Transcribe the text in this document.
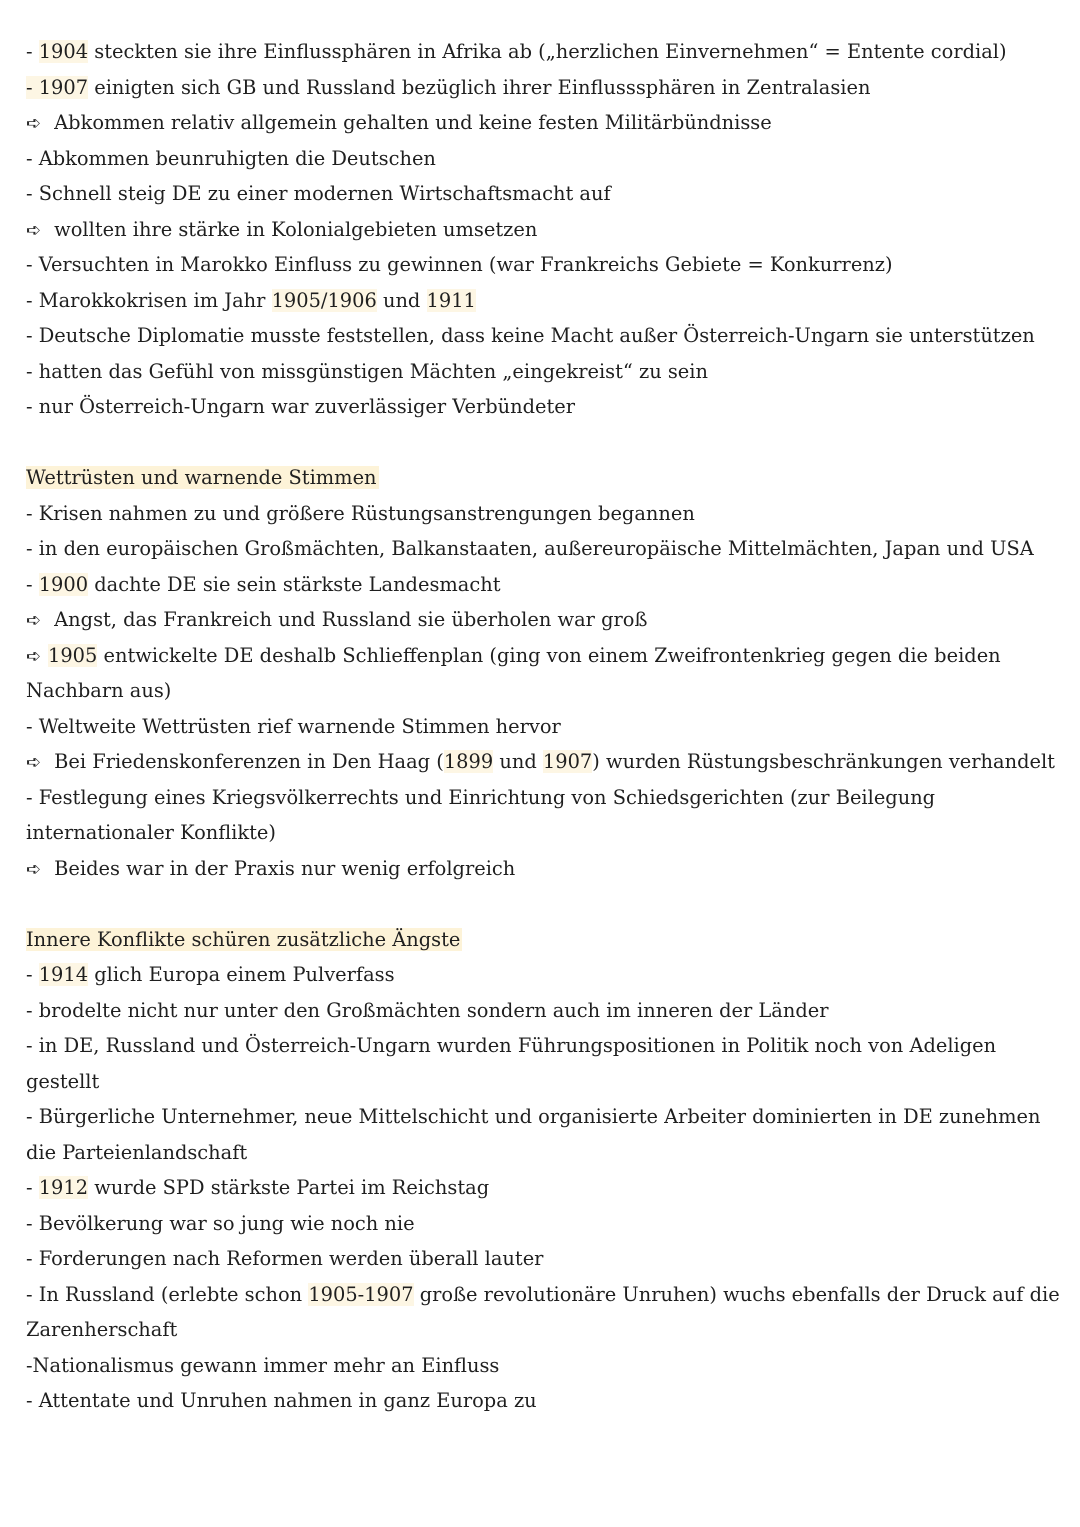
- 1904 steckten sie ihre Einflussphären in Afrika ab („herzlichen Einvernehmen“ = Entente cordial)
- 1907 einigten sich GB und Russland bezüglich ihrer Einflusssphären in Zentralasien
➪ Abkommen relativ allgemein gehalten und keine festen Militärbündnisse
- Abkommen beunruhigten die Deutschen
- Schnell steig DE zu einer modernen Wirtschaftsmacht auf
➪ wollten ihre stärke in Kolonialgebieten umsetzen
- Versuchten in Marokko Einfluss zu gewinnen (war Frankreichs Gebiete = Konkurrenz)
- Marokkokrisen im Jahr 1905/1906 und 1911
- Deutsche Diplomatie musste feststellen, dass keine Macht außer Österreich-Ungarn sie unterstützen
- hatten das Gefühl von missgünstigen Mächten „eingekreist“ zu sein
- nur Österreich-Ungarn war zuverlässiger Verbündeter
Wettrüsten und warnende Stimmen
- Krisen nahmen zu und größere Rüstungsanstrengungen begannen
- in den europäischen Großmächten, Balkanstaaten, außereuropäische Mittelmächten, Japan und USA
- 1900 dachte DE sie sein stärkste Landesmacht
➪ Angst, das Frankreich und Russland sie überholen war groß
➪ 1905 entwickelte DE deshalb Schlieffenplan (ging von einem Zweifrontenkrieg gegen die beiden
Nachbarn aus)
- Weltweite Wettrüsten rief warnende Stimmen hervor
➪ Bei Friedenskonferenzen in Den Haag (1899 und 1907) wurden Rüstungsbeschränkungen verhandelt
- Festlegung eines Kriegsvölkerrechts und Einrichtung von Schiedsgerichten (zur Beilegung
internationaler Konflikte)
➪ Beides war in der Praxis nur wenig erfolgreich
Innere Konflikte schüren zusätzliche Ängste
- 1914 glich Europa einem Pulverfass
- brodelte nicht nur unter den Großmächten sondern auch im inneren der Länder
- in DE, Russland und Österreich-Ungarn wurden Führungspositionen in Politik noch von Adeligen
gestellt
- Bürgerliche Unternehmer, neue Mittelschicht und organisierte Arbeiter dominierten in DE zunehmen
die Parteienlandschaft
- 1912 wurde SPD stärkste Partei im Reichstag
- Bevölkerung war so jung wie noch nie
- Forderungen nach Reformen werden überall lauter
- In Russland (erlebte schon 1905-1907 große revolutionäre Unruhen) wuchs ebenfalls der Druck auf die
Zarenherschaft
-Nationalismus gewann immer mehr an Einfluss
- Attentate und Unruhen nahmen in ganz Europa zu
